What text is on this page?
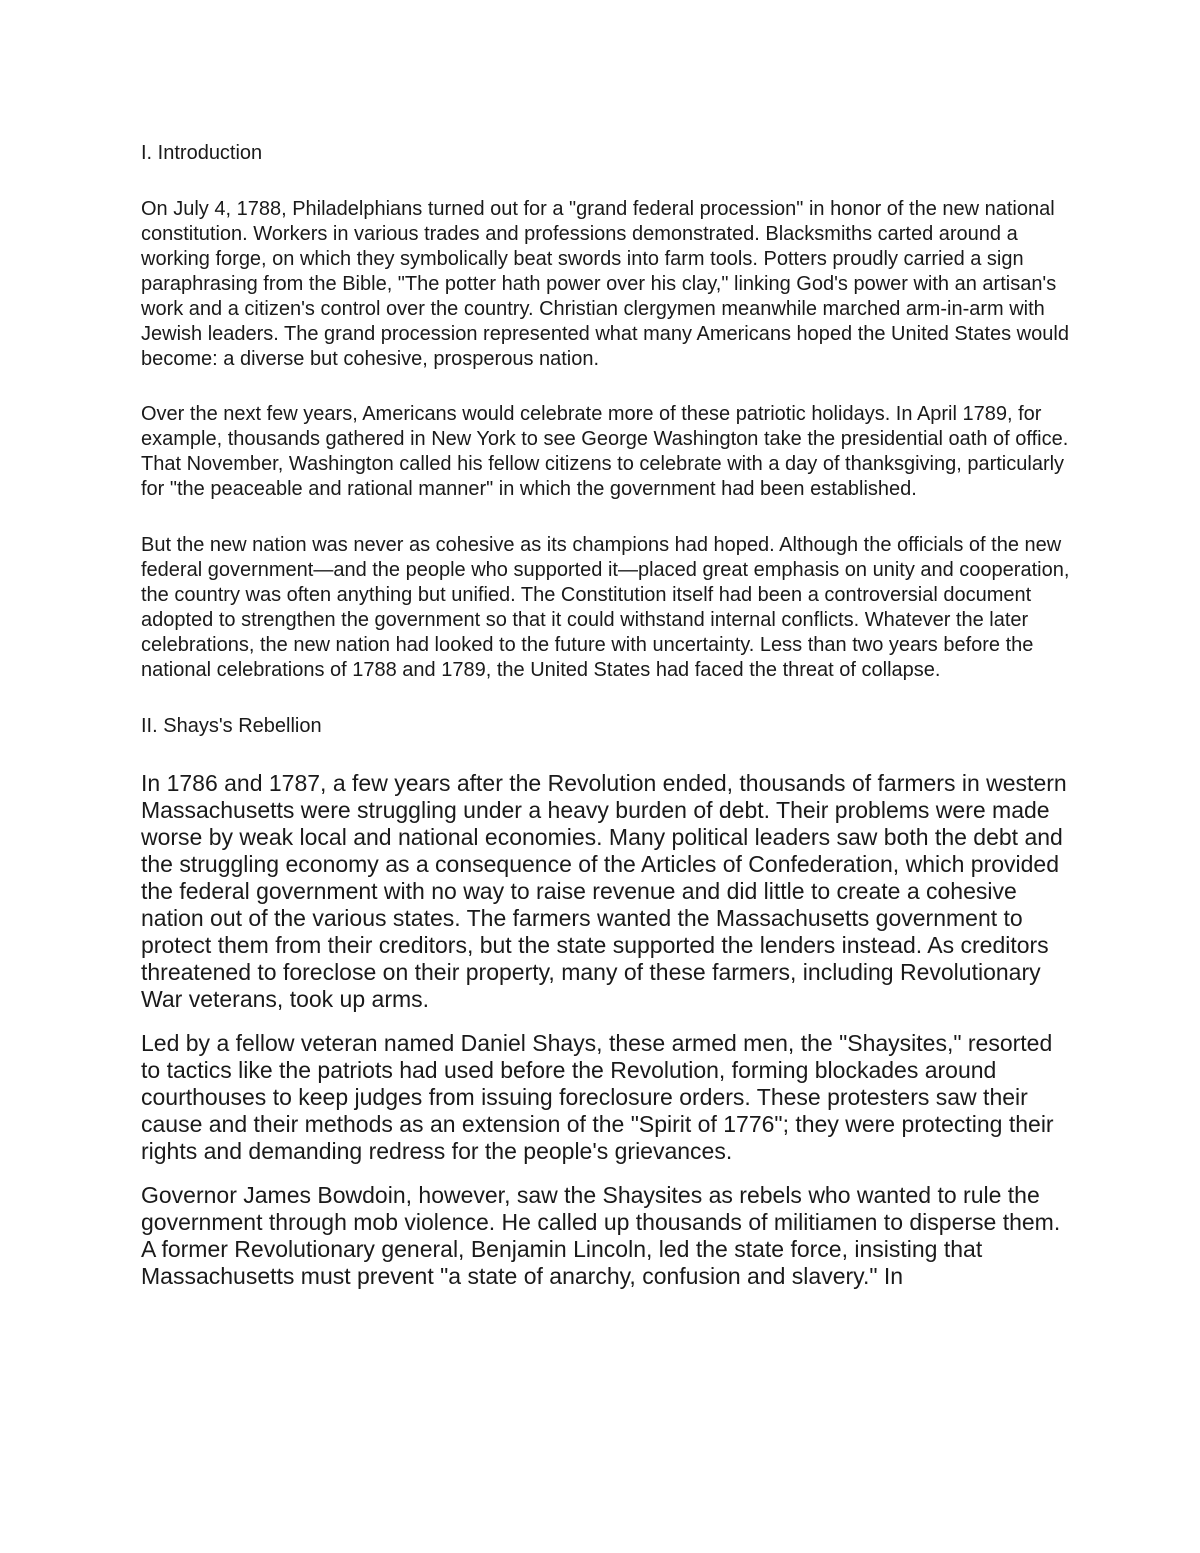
I. Introduction

On July 4, 1788, Philadelphians turned out for a "grand federal procession" in honor of the new national constitution. Workers in various trades and professions demonstrated. Blacksmiths carted around a working forge, on which they symbolically beat swords into farm tools. Potters proudly carried a sign paraphrasing from the Bible, "The potter hath power over his clay," linking God's power with an artisan's work and a citizen's control over the country. Christian clergymen meanwhile marched arm-in-arm with Jewish leaders. The grand procession represented what many Americans hoped the United States would become: a diverse but cohesive, prosperous nation.

Over the next few years, Americans would celebrate more of these patriotic holidays. In April 1789, for example, thousands gathered in New York to see George Washington take the presidential oath of office. That November, Washington called his fellow citizens to celebrate with a day of thanksgiving, particularly for "the peaceable and rational manner" in which the government had been established.

But the new nation was never as cohesive as its champions had hoped. Although the officials of the new federal government—and the people who supported it—placed great emphasis on unity and cooperation, the country was often anything but unified. The Constitution itself had been a controversial document adopted to strengthen the government so that it could withstand internal conflicts. Whatever the later celebrations, the new nation had looked to the future with uncertainty. Less than two years before the national celebrations of 1788 and 1789, the United States had faced the threat of collapse.

II. Shays's Rebellion

In 1786 and 1787, a few years after the Revolution ended, thousands of farmers in western Massachusetts were struggling under a heavy burden of debt. Their problems were made worse by weak local and national economies. Many political leaders saw both the debt and the struggling economy as a consequence of the Articles of Confederation, which provided the federal government with no way to raise revenue and did little to create a cohesive nation out of the various states. The farmers wanted the Massachusetts government to protect them from their creditors, but the state supported the lenders instead. As creditors threatened to foreclose on their property, many of these farmers, including Revolutionary War veterans, took up arms.

Led by a fellow veteran named Daniel Shays, these armed men, the "Shaysites," resorted to tactics like the patriots had used before the Revolution, forming blockades around courthouses to keep judges from issuing foreclosure orders. These protesters saw their cause and their methods as an extension of the "Spirit of 1776"; they were protecting their rights and demanding redress for the people's grievances.

Governor James Bowdoin, however, saw the Shaysites as rebels who wanted to rule the government through mob violence. He called up thousands of militiamen to disperse them. A former Revolutionary general, Benjamin Lincoln, led the state force, insisting that Massachusetts must prevent "a state of anarchy, confusion and slavery." In
